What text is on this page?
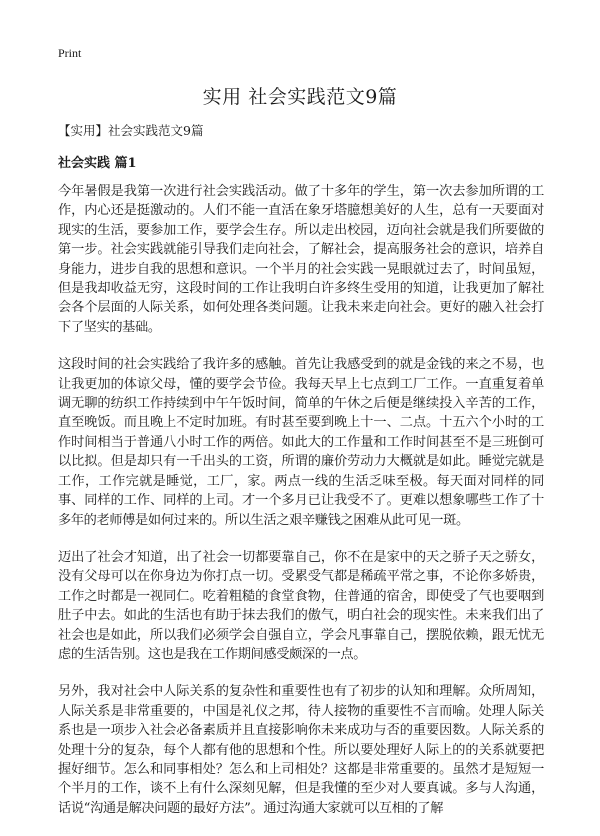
Print
实用 社会实践范文9篇
【实用】社会实践范文9篇
社会实践 篇1

今年暑假是我第一次进行社会实践活动。做了十多年的学生，第一次去参加所谓的工作，内心还是挺激动的。人们不能一直活在象牙塔臆想美好的人生，总有一天要面对现实的生活，要参加工作，要学会生存。所以走出校园，迈向社会就是我们所要做的第一步。社会实践就能引导我们走向社会，了解社会，提高服务社会的意识，培养自身能力，进步自我的思想和意识。一个半月的社会实践一晃眼就过去了，时间虽短，但是我却收益无穷，这段时间的工作让我明白许多终生受用的知道，让我更加了解社会各个层面的人际关系，如何处理各类问题。让我未来走向社会。更好的融入社会打下了坚实的基础。

这段时间的社会实践给了我许多的感触。首先让我感受到的就是金钱的来之不易，也让我更加的体谅父母，懂的要学会节俭。我每天早上七点到工厂工作。一直重复着单调无聊的纺织工作持续到中午午饭时间，简单的午休之后便是继续投入辛苦的工作，直至晚饭。而且晚上不定时加班。有时甚至要到晚上十一、二点。十五六个小时的工作时间相当于普通八小时工作的两倍。如此大的工作量和工作时间甚至不是三班倒可以比拟。但是却只有一千出头的工资，所谓的廉价劳动力大概就是如此。睡觉完就是工作，工作完就是睡觉，工厂，家。两点一线的生活乏味至极。每天面对同样的同事、同样的工作、同样的上司。才一个多月已让我受不了。更难以想象哪些工作了十多年的老师傅是如何过来的。所以生活之艰辛赚钱之困难从此可见一斑。

迈出了社会才知道，出了社会一切都要靠自己，你不在是家中的天之骄子天之骄女，没有父母可以在你身边为你打点一切。受累受气都是稀疏平常之事，不论你多娇贵，工作之时都是一视同仁。吃着粗糙的食堂食物，住普通的宿舍，即使受了气也要咽到肚子中去。如此的生活也有助于抹去我们的傲气，明白社会的现实性。未来我们出了社会也是如此，所以我们必须学会自强自立，学会凡事靠自己，摆脱依赖，跟无忧无虑的生活告别。这也是我在工作期间感受颇深的一点。

另外，我对社会中人际关系的复杂性和重要性也有了初步的认知和理解。众所周知，人际关系是非常重要的，中国是礼仪之邦，待人接物的重要性不言而喻。处理人际关系也是一项步入社会必备素质并且直接影响你未来成功与否的重要因数。人际关系的处理十分的复杂，每个人都有他的思想和个性。所以要处理好人际上的的关系就要把握好细节。怎么和同事相处？怎么和上司相处？这都是非常重要的。虽然才是短短一个半月的工作，谈不上有什么深刻见解，但是我懂的至少对人要真诚。多与人沟通，话说“沟通是解决问题的最好方法”。通过沟通大家就可以互相的了解
